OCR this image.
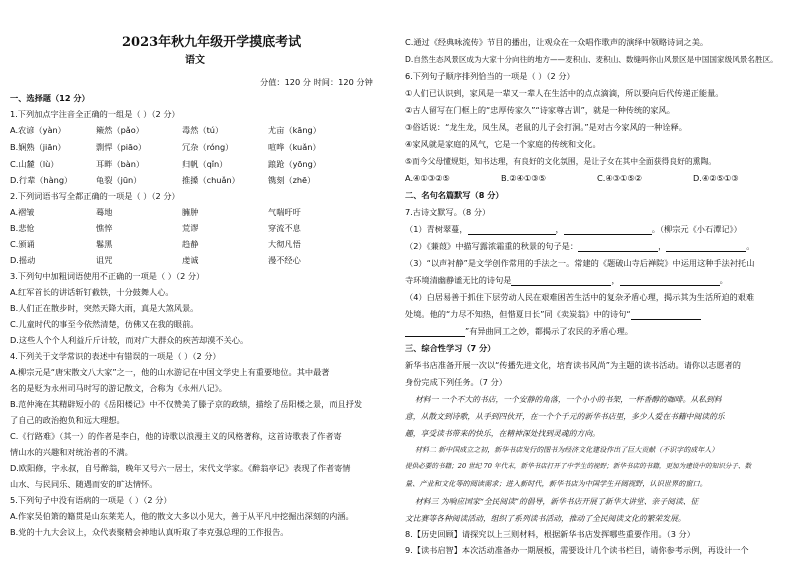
2023年秋九年级开学摸底考试
语文
分值：120 分 时间：120 分钟
一、选择题（12 分）
1.下列加点字注音全正确的一组是（ ）（2 分）
A.农谚（yàn）	簸然（pǎo）	毒然（tú）	尤亩（kāng）
B.娴熟（jiān）	剽悍（piāo）	冗杂（róng）	喧哗（kuǎn）
C.山麓（lù）	耳畔（bàn）	归帆（qǐn）	踉跄（yōng）
D.行辈（hàng）	龟裂（jūn）	推搡（chuǎn）	镌刻（zhē）
2.下列词语书写全都正确的一项是（ ）（2 分）
A.褶皱	蓦地	臃肿	气喘吁吁
B.悲怆	憔悴	荒谬	穿流不息
C.颁诵	鬈黑	趋静	大彻凡悟
D.摇动	诅咒	虔诚	漫不经心
3.下列句中加粗词语使用不正确的一项是（ ）（2 分）
A.红军首长的讲话斩钉截铁，十分鼓舞人心。
B.人们正在散步时，突然天降大雨，真是大煞风景。
C.儿童时代的事至今依然清楚，仿佛又在我的眼前。
D.这些人个个人利益斤斤计较，而对广大群众的疾苦却漠不关心。
4.下列关于文学常识的表述中有错误的一项是（ ）（2 分）
A.柳宗元是“唐宋散文八大家”之一，他的山水游记在中国文学史上有重要地位。其中最著
名的是贬为永州司马时写的游记散文，合称为《永州八记》。
B.范仲淹在其精辟短小的《岳阳楼记》中不仅赞美了滕子京的政绩，描绘了岳阳楼之景，而且抒发
了自己的政治抱负和远大理想。
C.《行路难》（其一）的作者是李白，他的诗歌以浪漫主义的风格著称，这首诗歌表了作者寄
情山水的兴趣和对统治者的不满。
D.欧阳修，字永叔，自号醉翁，晚年又号六一居士，宋代文学家。《醉翁亭记》表现了作者寄情
山水、与民同乐、随遇而安的旷达情怀。
5.下列句子中没有语病的一项是（ ）（2 分）
A.作家吴伯箫的籍贯是山东莱芜人，他的散文大多以小见大，善于从平凡中挖掘出深刻的内涵。
B.党的十九大会议上，众代表聚精会神地认真听取了李克强总理的工作报告。
C.通过《经典咏流传》节目的播出，让观众在一众唱作歌声的演绎中领略诗词之美。
D.自然生态风景区成为大家十分向往的地方——麦积山、麦积山、数缝吗你山风景区是中国国家级风景名胜区。
6.下列句子顺序排列恰当的一项是（ ）（2 分）
①人们已认识到，家风是一辈又一辈人在生活中的点点滴滴，所以要向后代传递正能量。
②古人留写在门框上的“忠厚传家久”“诗家尊古训”，就是一种传统的家风。
③俗话说：“龙生龙，凤生凤，老鼠的儿子会打洞。”是对古今家风的一种诠释。
④家风就是家庭的风气，它是一个家庭的传统和文化。
⑤而今父母懂规矩，知书达理，有良好的文化氛围，是让子女在其中全面获得良好的熏陶。
A.④①③②⑤	B.②④①③⑤	C.④③①⑤②	D.④②⑤①③
二、名句名篇默写（8 分）
7.古诗文默写。（8 分）
（1）青树翠蔓，	，	。（柳宗元《小石潭记》）
（2）《蒹葭》中描写露浓霜重的秋景的句子是：	，	。
（3）“以声衬静”是文学创作常用的手法之一。常建的《题破山寺后禅院》中运用这种手法衬托山
寺环境清幽静谧无比的诗句是	，	。
（4）白居易善于抓住下层劳动人民在艰难困苦生活中的复杂矛盾心理，揭示其为生活所迫的艰难
处境。他的“力尽不知热，但惜夏日长”同《卖炭翁》中的诗句“
”有异曲同工之妙，都揭示了农民的矛盾心理。
三、综合性学习（7 分）
新华书店准备开展一次以“传播先进文化，培育读书风尚”为主题的读书活动。请你以志愿者的
身份完成下列任务。（7 分）
材料一 一个不大的书店，一个安静的角落，一个小小的书架，一杯香醇的咖啡。从私到料
意，从散文到诗歌，从手到四伙开，在一个个千元的新华书店里，多少人爱在书籍中阅读的乐
趣，享受读书带来的快乐，在精神深处找到灵魂的方向。
材料二 新中国成立之初，新华书店发行的图书为经济文化建设作出了巨大贡献（不识字的成年人）
提供必要的书籍；20 世纪 70 年代末，新华书店打开了中学生的视野；新华书店的书籍，更加为建设中的知识分子、数
量、产业和文化等的阅读需求；进入新时代，新华书店为中国学生开阔视野，认识世界的窗口。
材料三 为响应国家“全民阅读”的倡导，新华书店开展了新华大讲堂、亲子阅读、征
文比赛等各种阅读活动，组织了系列读书活动，推动了全民阅读文化的繁荣发展。
8.【历史回顾】请探究以上三则材料，根据新华书店发挥哪些重要作用。（3 分）
9.【读书启智】本次活动准备办一期展板，需要设计几个读书栏目，请你参考示例，再设计一个
